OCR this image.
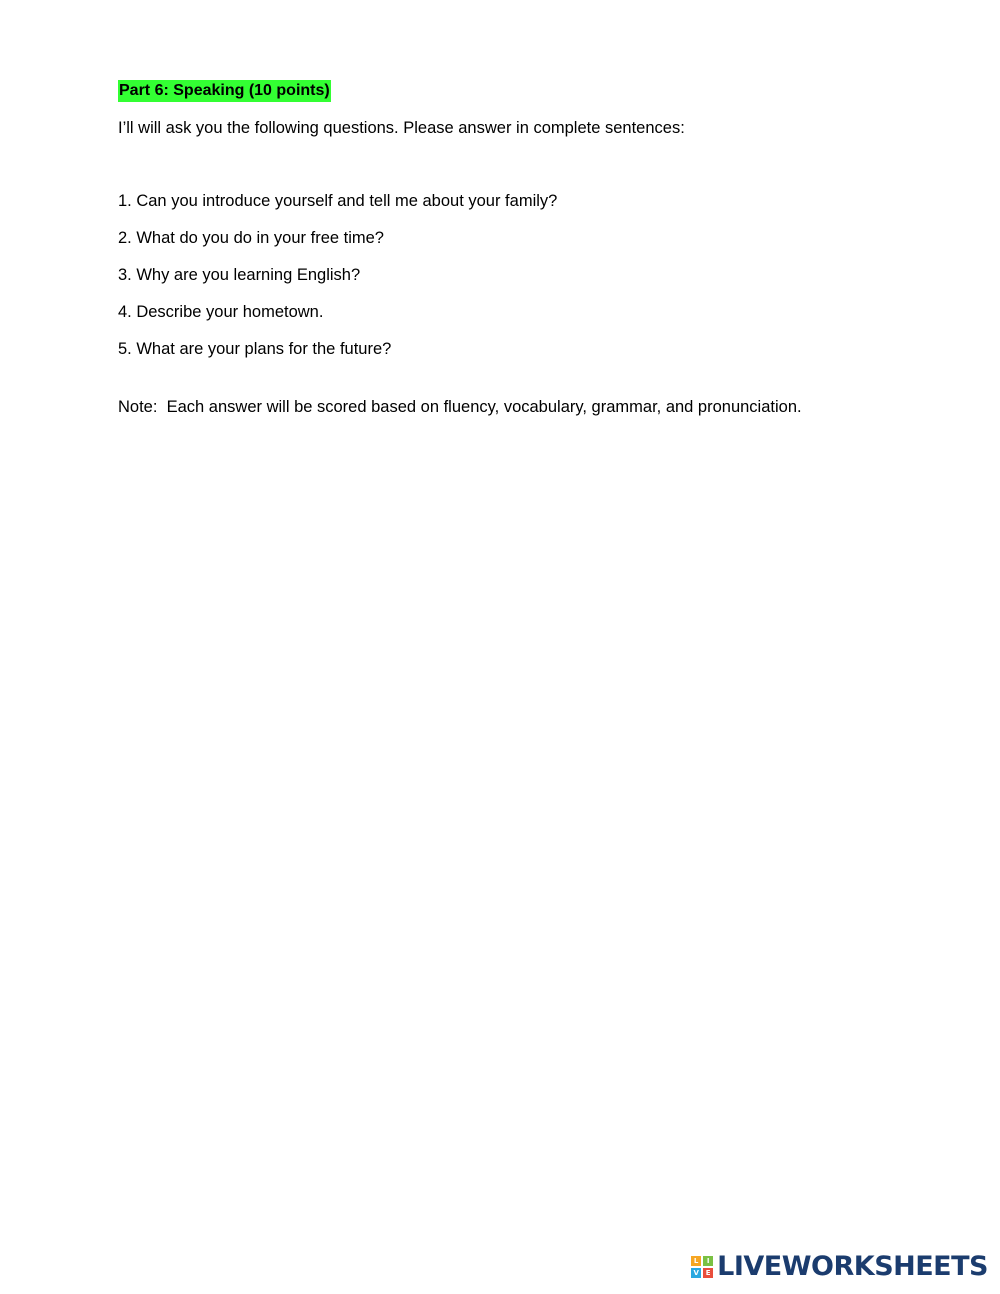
Part 6: Speaking (10 points)

I’ll will ask you the following questions. Please answer in complete sentences:

1. Can you introduce yourself and tell me about your family?

2. What do you do in your free time?

3. Why are you learning English?

4. Describe your hometown.

5. What are your plans for the future?

Note:  Each answer will be scored based on fluency, vocabulary, grammar, and pronunciation.

L	I
V E LIVEWORKSHEETS
